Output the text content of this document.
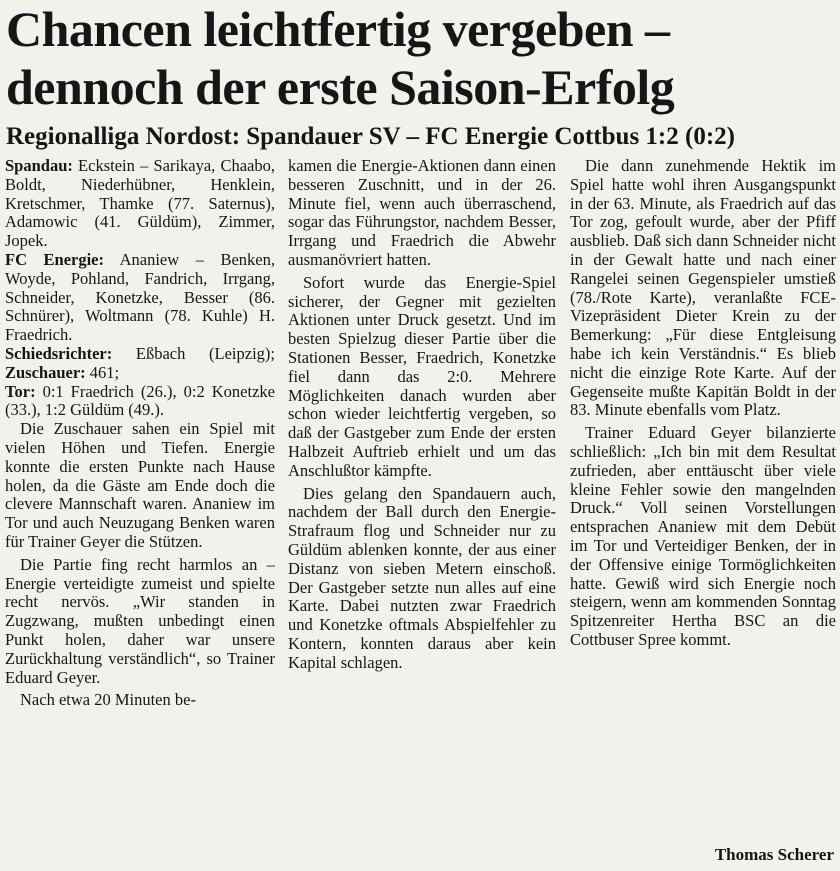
Chancen leichtfertig vergeben –
dennoch der erste Saison-Erfolg
Regionalliga Nordost: Spandauer SV – FC Energie Cottbus 1:2 (0:2)

Spandau: Eckstein – Sarikaya, Chaabo, Boldt, Niederhübner, Henklein, Kretschmer, Thamke (77. Saternus), Adamowic (41. Güldüm), Zimmer, Jopek.

FC Energie: Ananiew – Benken, Woyde, Pohland, Fandrich, Irrgang, Schneider, Konetzke, Besser (86. Schnürer), Woltmann (78. Kuhle) H. Fraedrich.

Schiedsrichter: Eßbach (Leipzig); Zuschauer: 461;
Tor: 0:1 Fraedrich (26.), 0:2 Konetzke (33.), 1:2 Güldüm (49.).

Die Zuschauer sahen ein Spiel mit vielen Höhen und Tiefen. Energie konnte die ersten Punkte nach Hause holen, da die Gäste am Ende doch die clevere Mannschaft waren. Ananiew im Tor und auch Neuzugang Benken waren für Trainer Geyer die Stützen.

Die Partie fing recht harmlos an – Energie verteidigte zumeist und spielte recht nervös. „Wir standen in Zugzwang, mußten unbedingt einen Punkt holen, daher war unsere Zurückhaltung verständlich“, so Trainer Eduard Geyer.

Nach etwa 20 Minuten be-

kamen die Energie-Aktionen dann einen besseren Zuschnitt, und in der 26. Minute fiel, wenn auch überraschend, sogar das Führungstor, nachdem Besser, Irrgang und Fraedrich die Abwehr ausmanövriert hatten.

Sofort wurde das Energie-Spiel sicherer, der Gegner mit gezielten Aktionen unter Druck gesetzt. Und im besten Spielzug dieser Partie über die Stationen Besser, Fraedrich, Konetzke fiel dann das 2:0. Mehrere Möglichkeiten danach wurden aber schon wieder leichtfertig vergeben, so daß der Gastgeber zum Ende der ersten Halbzeit Auftrieb erhielt und um das Anschlußtor kämpfte.

Dies gelang den Spandauern auch, nachdem der Ball durch den Energie-Strafraum flog und Schneider nur zu Güldüm ablenken konnte, der aus einer Distanz von sieben Metern einschoß. Der Gastgeber setzte nun alles auf eine Karte. Dabei nutzten zwar Fraedrich und Konetzke oftmals Abspielfehler zu Kontern, konnten daraus aber kein Kapital schlagen.

Die dann zunehmende Hektik im Spiel hatte wohl ihren Ausgangspunkt in der 63. Minute, als Fraedrich auf das Tor zog, gefoult wurde, aber der Pfiff ausblieb. Daß sich dann Schneider nicht in der Gewalt hatte und nach einer Rangelei seinen Gegenspieler umstieß (78./Rote Karte), veranlaßte FCE-Vizepräsident Dieter Krein zu der Bemerkung: „Für diese Entgleisung habe ich kein Verständnis.“ Es blieb nicht die einzige Rote Karte. Auf der Gegenseite mußte Kapitän Boldt in der 83. Minute ebenfalls vom Platz.

Trainer Eduard Geyer bilanzierte schließlich: „Ich bin mit dem Resultat zufrieden, aber enttäuscht über viele kleine Fehler sowie den mangelnden Druck.“ Voll seinen Vorstellungen entsprachen Ananiew mit dem Debüt im Tor und Verteidiger Benken, der in der Offensive einige Tormöglichkeiten hatte. Gewiß wird sich Energie noch steigern, wenn am kommenden Sonntag Spitzenreiter Hertha BSC an die Cottbuser Spree kommt.

Thomas Scherer
